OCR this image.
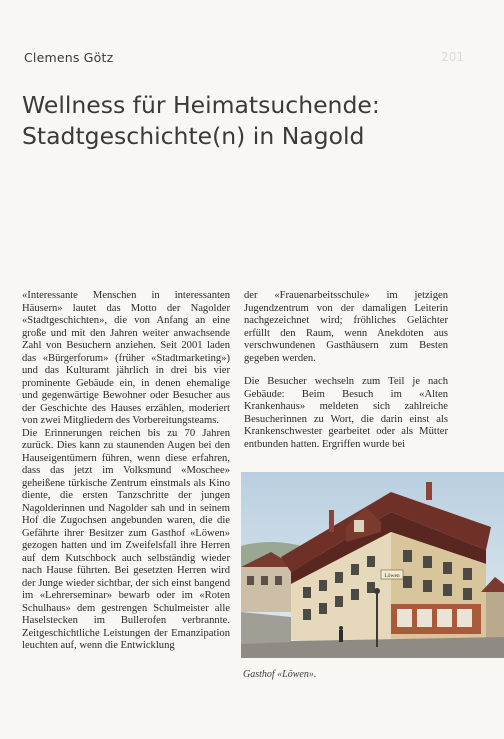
Clemens Götz	201
Wellness für Heimatsuchende:
Stadtgeschichte(n) in Nagold

«Interessante Menschen in interessanten Häusern» lautet das Motto der Nagolder «Stadtgeschichten», die von Anfang an eine große und mit den Jahren weiter anwachsende Zahl von Besuchern anziehen. Seit 2001 laden das «Bürgerforum» (früher «Stadtmarketing») und das Kulturamt jährlich in drei bis vier prominente Gebäude ein, in denen ehemalige und gegenwärtige Bewohner oder Besucher aus der Geschichte des Hauses erzählen, moderiert von zwei Mitgliedern des Vorbereitungsteams.

Die Erinnerungen reichen bis zu 70 Jahren zurück. Dies kann zu staunenden Augen bei den Hauseigentümern führen, wenn diese erfahren, dass das jetzt im Volksmund «Moschee» geheißene türkische Zentrum einstmals als Kino diente, die ersten Tanzschritte der jungen Nagolderinnen und Nagolder sah und in seinem Hof die Zugochsen angebunden waren, die die Gefährte ihrer Besitzer zum Gasthof «Löwen» gezogen hatten und im Zweifelsfall ihre Herren auf dem Kutschbock auch selbständig wieder nach Hause führten. Bei gesetzten Herren wird der Junge wieder sichtbar, der sich einst bangend im «Lehrerseminar» bewarb oder im «Roten Schulhaus» dem gestrengen Schulmeister alle Haselstecken im Bullerofen verbrannte. Zeitgeschichtliche Leistungen der Emanzipation leuchten auf, wenn die Entwicklung

der «Frauenarbeitsschule» im jetzigen Jugendzentrum von der damaligen Leiterin nachgezeichnet wird; fröhliches Gelächter erfüllt den Raum, wenn Anekdoten aus verschwundenen Gasthäusern zum Besten gegeben werden.

Die Besucher wechseln zum Teil je nach Gebäude: Beim Besuch im «Alten Krankenhaus» meldeten sich zahlreiche Besucherinnen zu Wort, die darin einst als Krankenschwester gearbeitet oder als Mütter entbunden hatten. Ergriffen wurde bei

Löwen
Gasthof «Löwen».
